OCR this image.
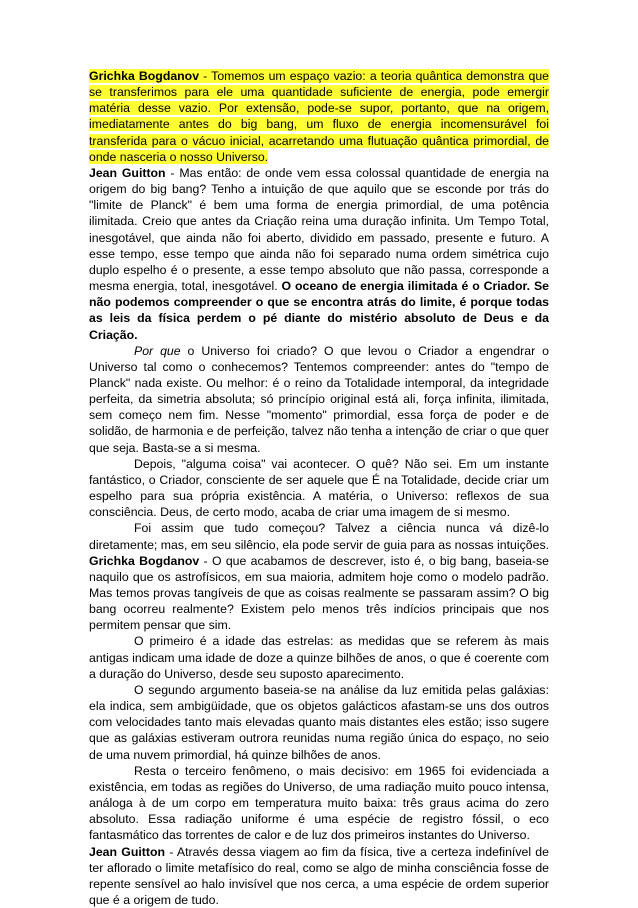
Grichka Bogdanov - Tomemos um espaço vazio: a teoria quântica demonstra que se transferimos para ele uma quantidade suficiente de energia, pode emergir matéria desse vazio. Por extensão, pode-se supor, portanto, que na origem, imediatamente antes do big bang, um fluxo de energia incomensurável foi transferida para o vácuo inicial, acarretando uma flutuação quântica primordial, de onde nasceria o nosso Universo.

Jean Guitton - Mas então: de onde vem essa colossal quantidade de energia na origem do big bang? Tenho a intuição de que aquilo que se esconde por trás do "limite de Planck" é bem uma forma de energia primordial, de uma potência ilimitada. Creio que antes da Criação reina uma duração infinita. Um Tempo Total, inesgotável, que ainda não foi aberto, dividido em passado, presente e futuro. A esse tempo, esse tempo que ainda não foi separado numa ordem simétrica cujo duplo espelho é o presente, a esse tempo absoluto que não passa, corresponde a mesma energia, total, inesgotável. O oceano de energia ilimitada é o Criador. Se não podemos compreender o que se encontra atrás do limite, é porque todas as leis da física perdem o pé diante do mistério absoluto de Deus e da Criação.

Por que o Universo foi criado? O que levou o Criador a engendrar o Universo tal como o conhecemos? Tentemos compreender: antes do "tempo de Planck" nada existe. Ou melhor: é o reino da Totalidade intemporal, da integridade perfeita, da simetria absoluta; só princípio original está ali, força infinita, ilimitada, sem começo nem fim. Nesse "momento" primordial, essa força de poder e de solidão, de harmonia e de perfeição, talvez não tenha a intenção de criar o que quer que seja. Basta-se a si mesma.

Depois, "alguma coisa" vai acontecer. O quê? Não sei. Em um instante fantástico, o Criador, consciente de ser aquele que É na Totalidade, decide criar um espelho para sua própria existência. A matéria, o Universo: reflexos de sua consciência. Deus, de certo modo, acaba de criar uma imagem de si mesmo.

Foi assim que tudo começou? Talvez a ciência nunca vá dizê-lo diretamente; mas, em seu silêncio, ela pode servir de guia para as nossas intuições.

Grichka Bogdanov - O que acabamos de descrever, isto é, o big bang, baseia-se naquilo que os astrofísicos, em sua maioria, admitem hoje como o modelo padrão. Mas temos provas tangíveis de que as coisas realmente se passaram assim? O big bang ocorreu realmente? Existem pelo menos três indícios principais que nos permitem pensar que sim.

O primeiro é a idade das estrelas: as medidas que se referem às mais antigas indicam uma idade de doze a quinze bilhões de anos, o que é coerente com a duração do Universo, desde seu suposto aparecimento.

O segundo argumento baseia-se na análise da luz emitida pelas galáxias: ela indica, sem ambigüidade, que os objetos galácticos afastam-se uns dos outros com velocidades tanto mais elevadas quanto mais distantes eles estão; isso sugere que as galáxias estiveram outrora reunidas numa região única do espaço, no seio de uma nuvem primordial, há quinze bilhões de anos.

Resta o terceiro fenômeno, o mais decisivo: em 1965 foi evidenciada a existência, em todas as regiões do Universo, de uma radiação muito pouco intensa, análoga à de um corpo em temperatura muito baixa: três graus acima do zero absoluto. Essa radiação uniforme é uma espécie de registro fóssil, o eco fantasmático das torrentes de calor e de luz dos primeiros instantes do Universo.

Jean Guitton - Através dessa viagem ao fim da física, tive a certeza indefinível de ter aflorado o limite metafísico do real, como se algo de minha consciência fosse de repente sensível ao halo invisível que nos cerca, a uma espécie de ordem superior que é a origem de tudo.
